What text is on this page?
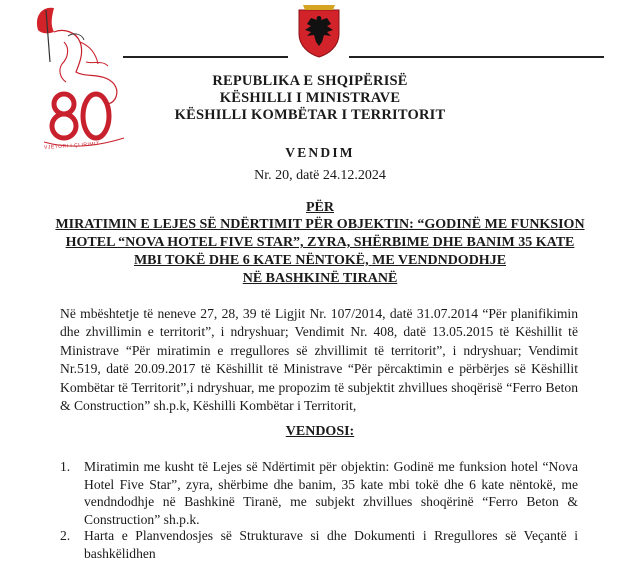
VJETORI I ÇLIRIMIT
REPUBLIKA E SHQIPËRISË
KËSHILLI I MINISTRAVE
KËSHILLI KOMBËTAR I TERRITORIT
VENDIM
Nr. 20, datë 24.12.2024
PËR
MIRATIMIN E LEJES SË NDËRTIMIT PËR OBJEKTIN: “GODINË ME FUNKSION
HOTEL “NOVA HOTEL FIVE STAR”, ZYRA, SHËRBIME DHE BANIM 35 KATE
MBI TOKË DHE 6 KATE NËNTOKË, ME VENDNDODHJE
NË BASHKINË TIRANË
Në mbështetje të neneve 27, 28, 39 të Ligjit Nr. 107/2014, datë 31.07.2014 “Për planifikimin dhe zhvillimin e territorit”, i ndryshuar; Vendimit Nr. 408, datë 13.05.2015 të Këshillit të Ministrave “Për miratimin e rregullores së zhvillimit të territorit”, i ndryshuar; Vendimit Nr.519, datë 20.09.2017 të Këshillit të Ministrave “Për përcaktimin e përbërjes së Këshillit Kombëtar të Territorit”,i ndryshuar, me propozim të subjektit zhvillues shoqërisë “Ferro Beton & Construction” sh.p.k, Këshilli Kombëtar i Territorit,
VENDOSI:
1. Miratimin me kusht të Lejes së Ndërtimit për objektin: Godinë me funksion hotel “Nova Hotel Five Star”, zyra, shërbime dhe banim, 35 kate mbi tokë dhe 6 kate nëntokë, me vendndodhje në Bashkinë Tiranë, me subjekt zhvillues shoqërinë “Ferro Beton & Construction” sh.p.k.
2. Harta e Planvendosjes së Strukturave si dhe Dokumenti i Rregullores së Veçantë i bashkëlidhen
